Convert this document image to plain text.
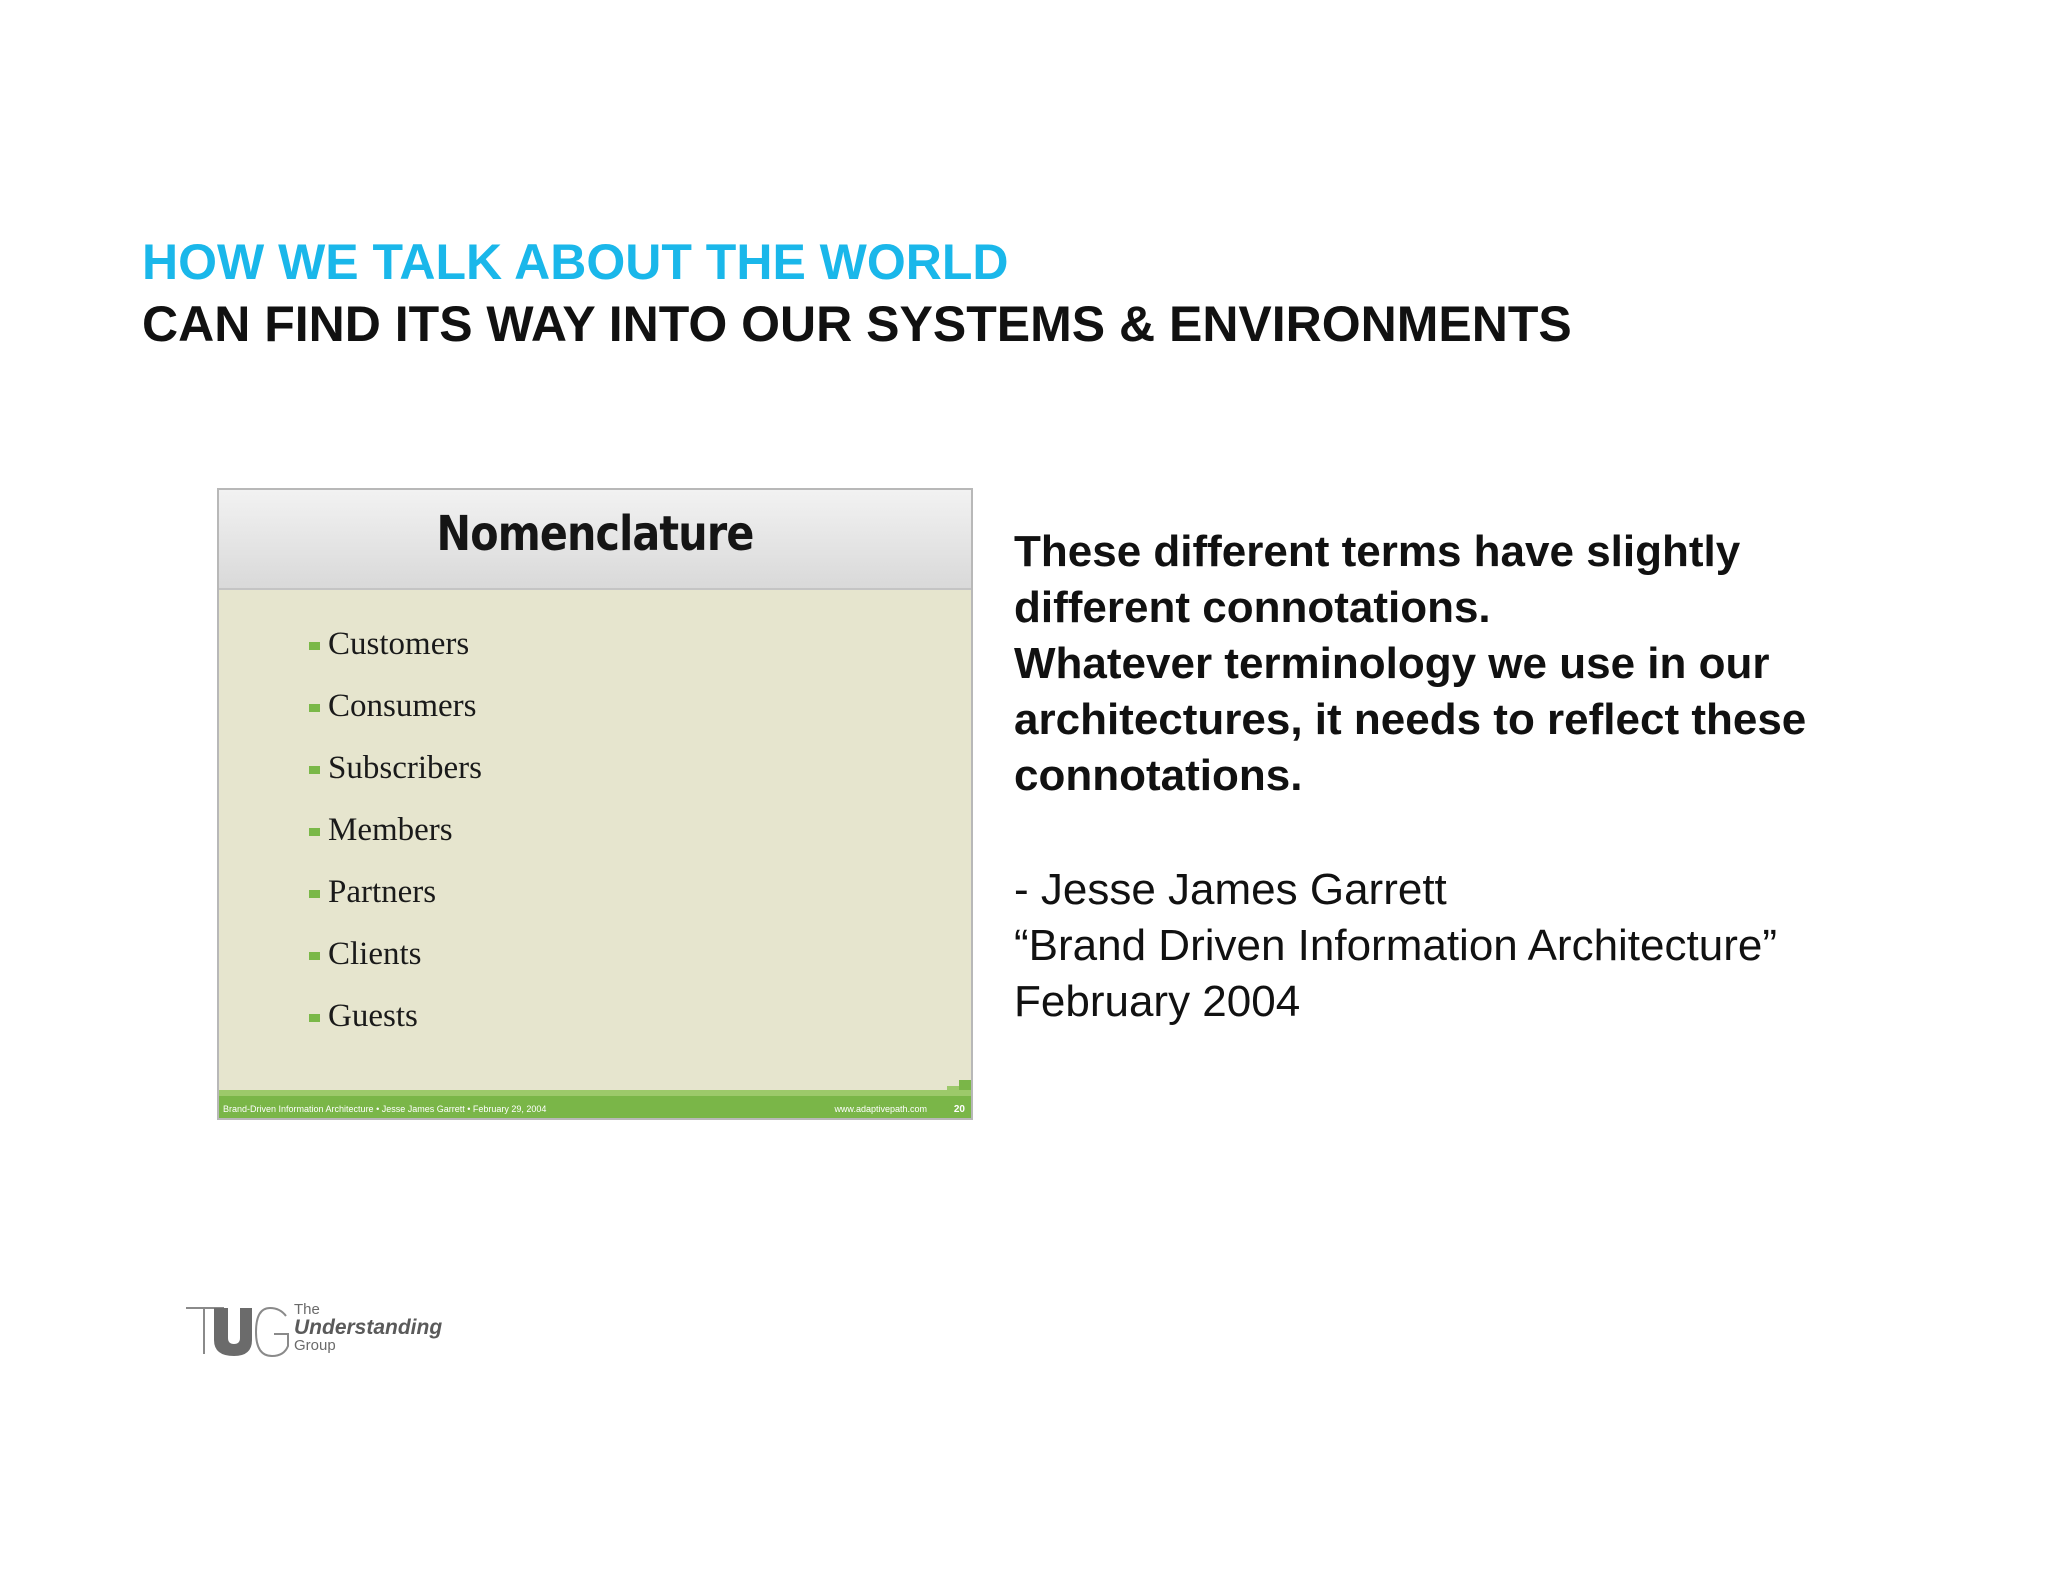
HOW WE TALK ABOUT THE WORLD
CAN FIND ITS WAY INTO OUR SYSTEMS & ENVIRONMENTS
Nomenclature
Customers
Consumers
Subscribers
Members
Partners
Clients
Guests
Brand-Driven Information Architecture • Jesse James Garrett • February 29, 2004	www.adaptivepath.com	20
These different terms have slightly
different connotations.
Whatever terminology we use in our
architectures, it needs to reflect these
connotations.
- Jesse James Garrett
“Brand Driven Information Architecture”
February 2004
The
Understanding
Group
